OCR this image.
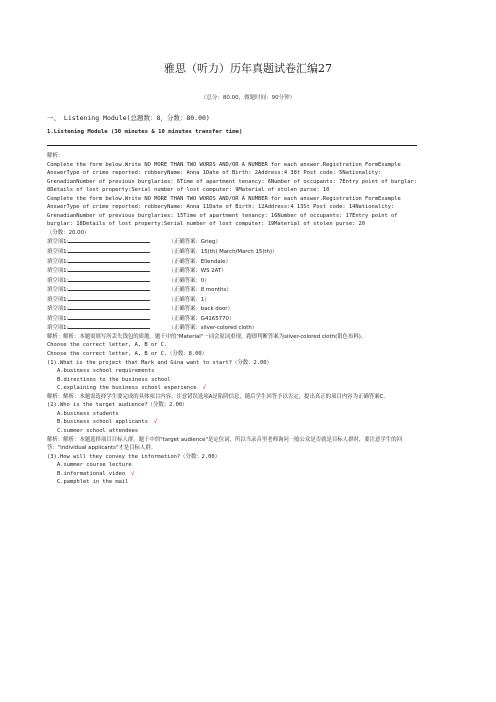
雅思（听力）历年真题试卷汇编27
（总分：80.00，做题时间：90分钟）
一、 Listening Module(总题数：8，分数：80.00)
1.Listening Module (30 minutes & 10 minutes transfer time)
解析：
Complete the form below.Write NO MORE THAN TWO WORDS AND/OR A NUMBER for each answer.Registration FormExample AnswerType of crime reported: robberyName: Anna 1Date of Birth: 2Address:4 38t Post code: 5Nationality: GrenadianNumber of previous burglaries: 6Time of apartment tenancy: 6Number of occupants: 7Entry point of burglar: 8Details of lost property:Serial number of lost computer: 9Material of stolen purse: 10
Complete the form below.Write NO MORE THAN TWO WORDS AND/OR A NUMBER for each answer.Registration FormExample AnswerType of crime reported: robberyName: Anna 11Date of Birth: 12Address:4 13St Post code: 14Nationality: GrenadianNumber of previous burglaries: 15Time of apartment tenancy: 16Number of occupants: 17Entry point of burglar: 18Details of lost property:Serial number of lost computer: 19Material of stolen purse: 20
（分数：20.00）
填空项1:	（正确答案：Grieg）
填空项1:	（正确答案：15(th) March/March 15(th)）
填空项1:	（正确答案：Ellendale）
填空项1:	（正确答案：WS 2AT）
填空项1:	（正确答案：0）
填空项1:	（正确答案：8 months）
填空项1:	（正确答案：1）
填空项1:	（正确答案：back door）
填空项1:	（正确答案：G4165770）
填空项1:	（正确答案：silver-colored cloth）
解析：解析：本题需填写所丢失钱包的质地。题干中的"Material"一词会原词重现，跑即判断答案为silver-colored cloth(银色布料)。
Choose the correct letter, A, B or C.
Choose the correct letter, A, B or C.（分数：8.00）
(1).What is the project that Mark and Gina want to start?（分数：2.00）
A.business school requirements
B.directions to the business school
C.explaining the business school experience √
解析：解析：本题需选择学生要完成的具体项目内容。注意错误选项A是陷阱信息，随后学生回答予以否定，提出真正的项目内容为正确答案C。
(2).Who is the target audience?（分数：2.00）
A.business students
B.business school applicants √
C.summer school attendees
解析：解析：本题选择项目目标人群。题干中的"target audience"是定位词，所以当录音里老师询问一般公众是否就是目标人群时，要注意学生的回答："individual applicants"才是目标人群。
(3).How will they convey the information?（分数：2.00）
A.summer course lecture
B.informational video √
C.pamphlet in the mail
